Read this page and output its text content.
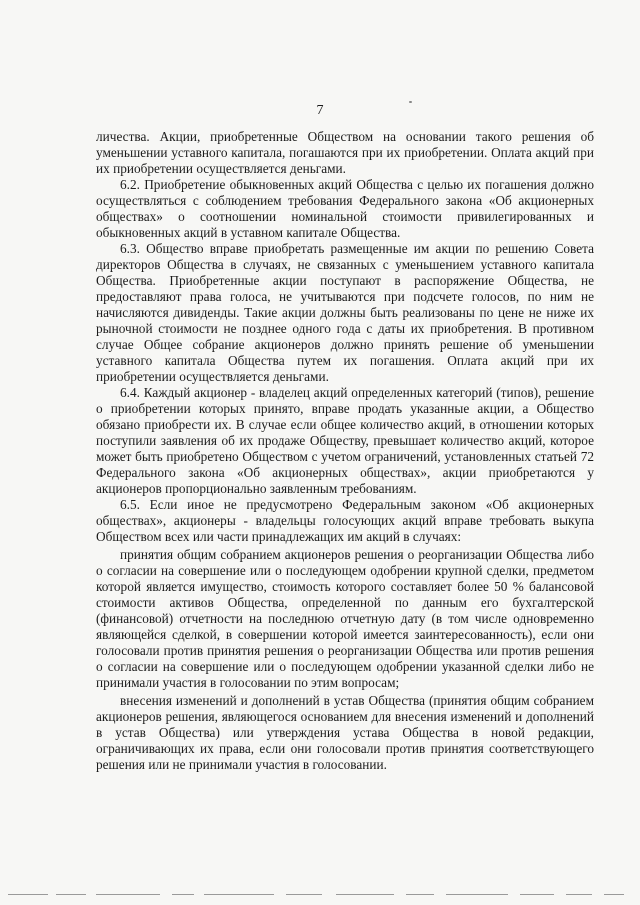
7

личества. Акции, приобретенные Обществом на основании такого решения об уменьшении уставного капитала, погашаются при их приобретении. Оплата акций при их приобретении осуществляется деньгами.

6.2. Приобретение обыкновенных акций Общества с целью их погашения должно осуществляться с соблюдением требования Федерального закона «Об акционерных обществах» о соотношении номинальной стоимости привилегированных и обыкновенных акций в уставном капитале Общества.

6.3. Общество вправе приобретать размещенные им акции по решению Совета директоров Общества в случаях, не связанных с уменьшением уставного капитала Общества. Приобретенные акции поступают в распоряжение Общества, не предоставляют права голоса, не учитываются при подсчете голосов, по ним не начисляются дивиденды. Такие акции должны быть реализованы по цене не ниже их рыночной стоимости не позднее одного года с даты их приобретения. В противном случае Общее собрание акционеров должно принять решение об уменьшении уставного капитала Общества путем их погашения. Оплата акций при их приобретении осуществляется деньгами.

6.4. Каждый акционер - владелец акций определенных категорий (типов), решение о приобретении которых принято, вправе продать указанные акции, а Общество обязано приобрести их. В случае если общее количество акций, в отношении которых поступили заявления об их продаже Обществу, превышает количество акций, которое может быть приобретено Обществом с учетом ограничений, установленных статьей 72 Федерального закона «Об акционерных обществах», акции приобретаются у акционеров пропорционально заявленным требованиям.

6.5. Если иное не предусмотрено Федеральным законом «Об акционерных обществах», акционеры - владельцы голосующих акций вправе требовать выкупа Обществом всех или части принадлежащих им акций в случаях:

принятия общим собранием акционеров решения о реорганизации Общества либо о согласии на совершение или о последующем одобрении крупной сделки, предметом которой является имущество, стоимость которого составляет более 50 % балансовой стоимости активов Общества, определенной по данным его бухгалтерской (финансовой) отчетности на последнюю отчетную дату (в том числе одновременно являющейся сделкой, в совершении которой имеется заинтересованность), если они голосовали против принятия решения о реорганизации Общества или против решения о согласии на совершение или о последующем одобрении указанной сделки либо не принимали участия в голосовании по этим вопросам;

внесения изменений и дополнений в устав Общества (принятия общим собранием акционеров решения, являющегося основанием для внесения изменений и дополнений в устав Общества) или утверждения устава Общества в новой редакции, ограничивающих их права, если они голосовали против принятия соответствующего решения или не принимали участия в голосовании.
